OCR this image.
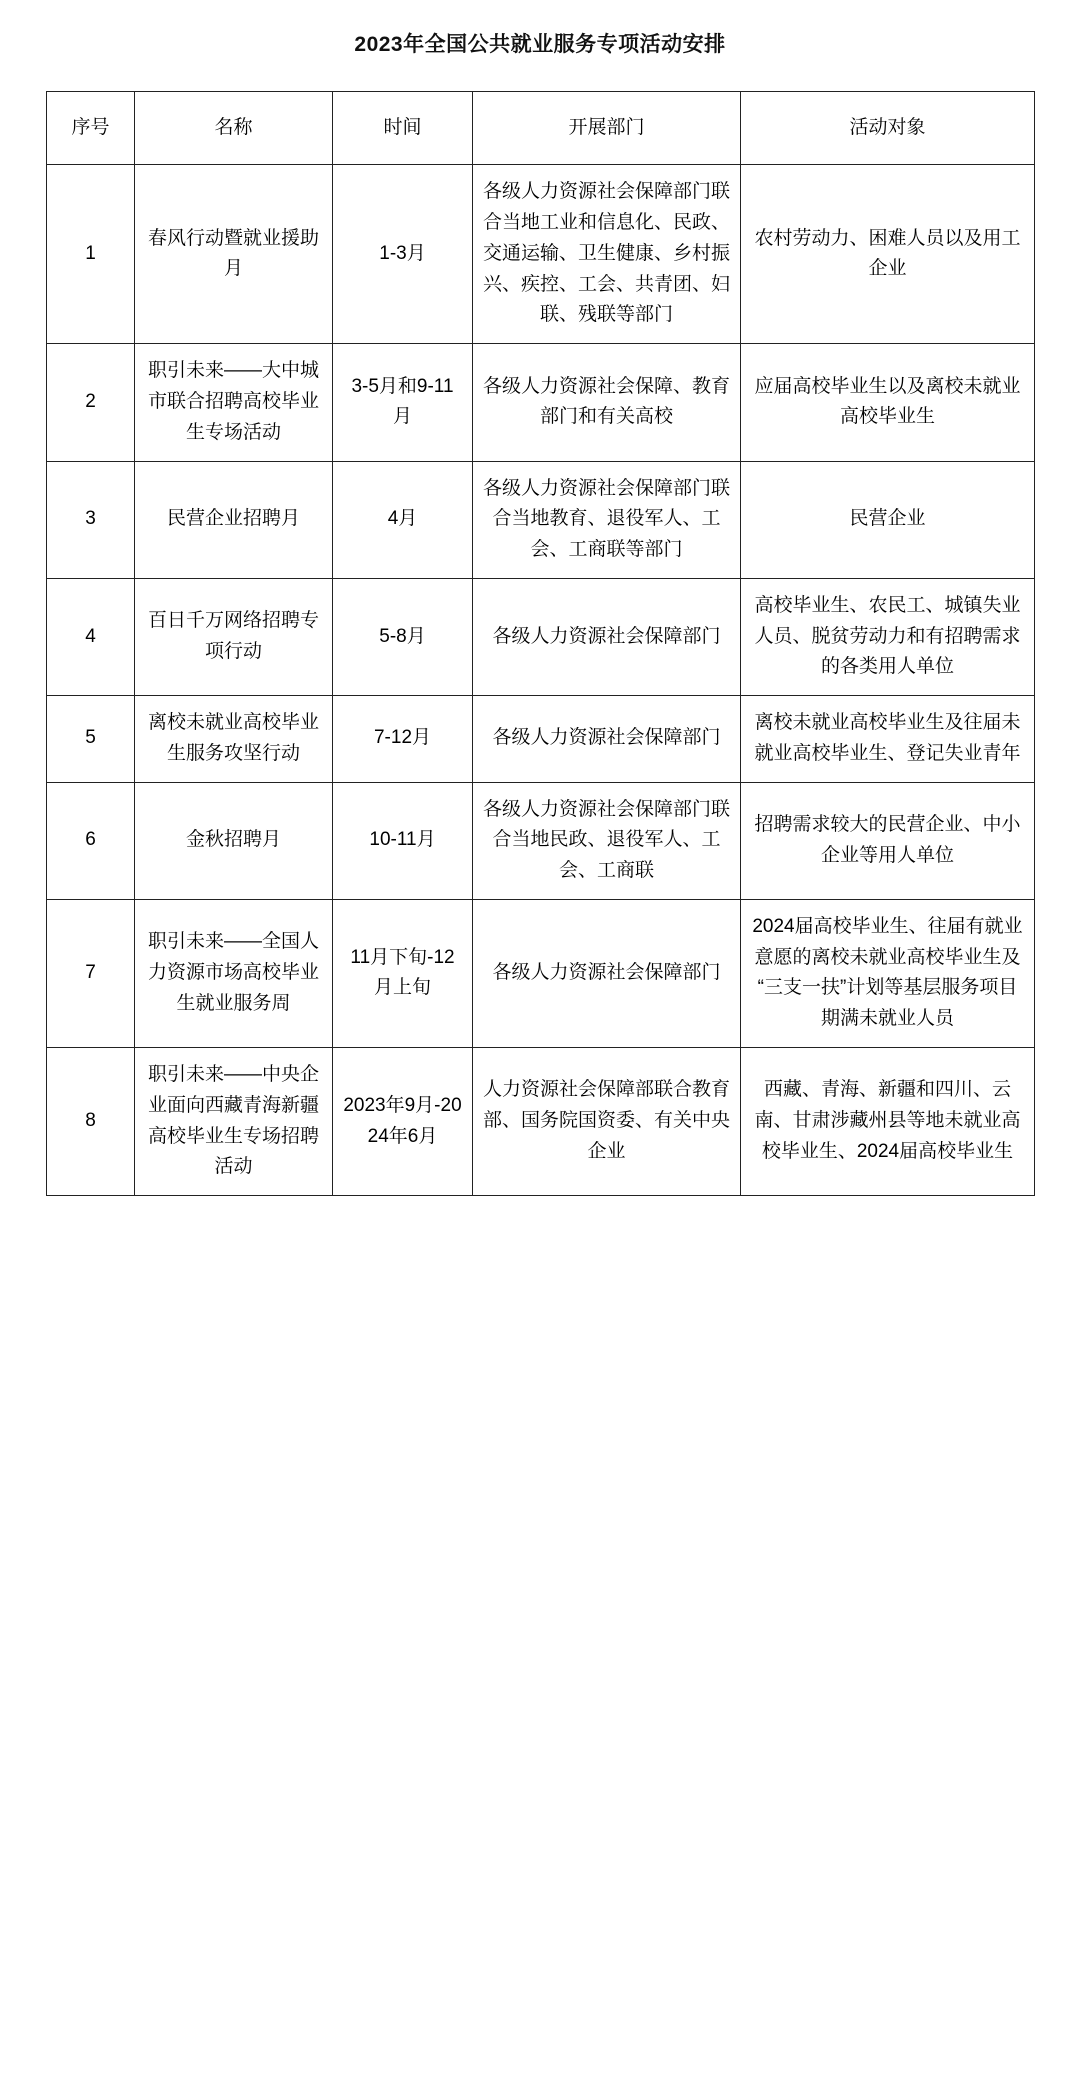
2023年全国公共就业服务专项活动安排
序号	名称	时间	开展部门	活动对象
1	春风行动暨就业援助月	1-3月	各级人力资源社会保障部门联合当地工业和信息化、民政、交通运输、卫生健康、乡村振兴、疾控、工会、共青团、妇联、残联等部门	农村劳动力、困难人员以及用工企业
2	职引未来——大中城市联合招聘高校毕业生专场活动	3-5月和9-11月	各级人力资源社会保障、教育部门和有关高校	应届高校毕业生以及离校未就业高校毕业生
3	民营企业招聘月	4月	各级人力资源社会保障部门联合当地教育、退役军人、工会、工商联等部门	民营企业
4	百日千万网络招聘专项行动	5-8月	各级人力资源社会保障部门	高校毕业生、农民工、城镇失业人员、脱贫劳动力和有招聘需求的各类用人单位
5	离校未就业高校毕业生服务攻坚行动	7-12月	各级人力资源社会保障部门	离校未就业高校毕业生及往届未就业高校毕业生、登记失业青年
6	金秋招聘月	10-11月	各级人力资源社会保障部门联合当地民政、退役军人、工会、工商联	招聘需求较大的民营企业、中小企业等用人单位
7	职引未来——全国人力资源市场高校毕业生就业服务周	11月下旬-12月上旬	各级人力资源社会保障部门	2024届高校毕业生、往届有就业意愿的离校未就业高校毕业生及“三支一扶”计划等基层服务项目期满未就业人员
8	职引未来——中央企业面向西藏青海新疆高校毕业生专场招聘活动	2023年9月-2024年6月	人力资源社会保障部联合教育部、国务院国资委、有关中央企业	西藏、青海、新疆和四川、云南、甘肃涉藏州县等地未就业高校毕业生、2024届高校毕业生
